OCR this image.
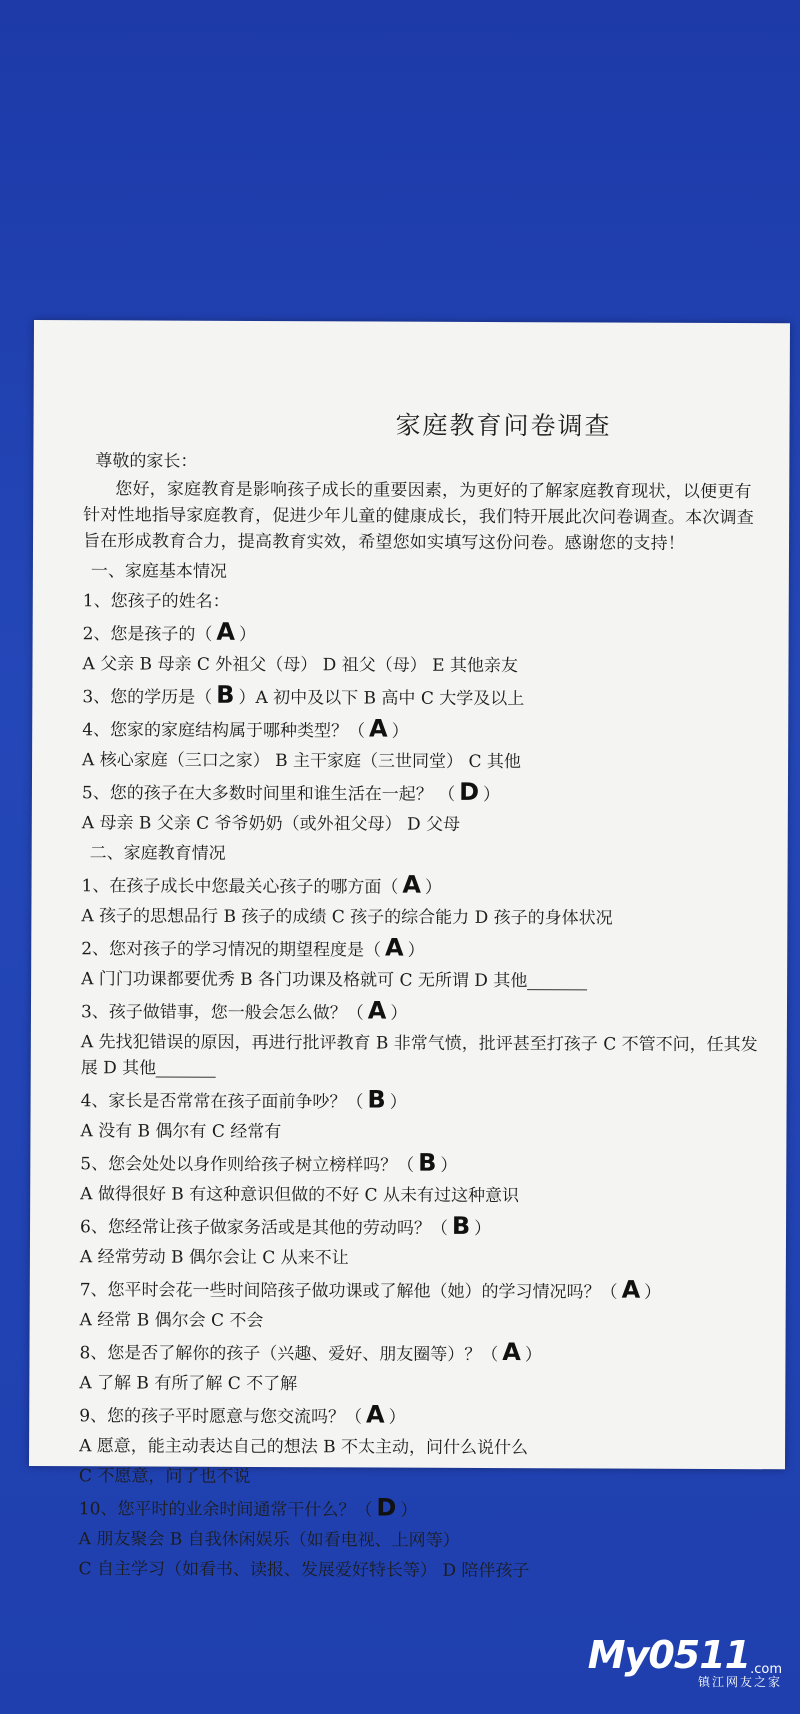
家庭教育问卷调查
尊敬的家长：

您好，家庭教育是影响孩子成长的重要因素，为更好的了解家庭教育现状，以便更有针对性地指导家庭教育，促进少年儿童的健康成长，我们特开展此次问卷调查。本次调查旨在形成教育合力，提高教育实效，希望您如实填写这份问卷。感谢您的支持！

一、家庭基本情况
1、您孩子的姓名：
2、您是孩子的（ A ）
A 父亲 B 母亲 C 外祖父（母） D 祖父（母） E 其他亲友
3、您的学历是（ B ）A 初中及以下 B 高中 C 大学及以上
4、您家的家庭结构属于哪种类型？（ A ）
A 核心家庭（三口之家） B 主干家庭（三世同堂） C 其他
5、您的孩子在大多数时间里和谁生活在一起？ （ D ）
A 母亲 B 父亲 C 爷爷奶奶（或外祖父母） D 父母
二、家庭教育情况
1、在孩子成长中您最关心孩子的哪方面（ A ）
A 孩子的思想品行 B 孩子的成绩 C 孩子的综合能力 D 孩子的身体状况
2、您对孩子的学习情况的期望程度是（ A ）
A 门门功课都要优秀 B 各门功课及格就可 C 无所谓 D 其他
3、孩子做错事，您一般会怎么做？（ A ）
A 先找犯错误的原因，再进行批评教育 B 非常气愤，批评甚至打孩子 C 不管不问，任其发展 D 其他
4、家长是否常常在孩子面前争吵？（ B ）
A 没有 B 偶尔有 C 经常有
5、您会处处以身作则给孩子树立榜样吗？（ B ）
A 做得很好 B 有这种意识但做的不好 C 从未有过这种意识
6、您经常让孩子做家务活或是其他的劳动吗？（ B ）
A 经常劳动 B 偶尔会让 C 从来不让
7、您平时会花一些时间陪孩子做功课或了解他（她）的学习情况吗？（ A ）
A 经常 B 偶尔会 C 不会
8、您是否了解你的孩子（兴趣、爱好、朋友圈等）？（ A ）
A 了解 B 有所了解 C 不了解
9、您的孩子平时愿意与您交流吗？（ A ）
A 愿意，能主动表达自己的想法 B 不太主动，问什么说什么
C 不愿意，问了也不说
10、您平时的业余时间通常干什么？（ D ）
A 朋友聚会 B 自我休闲娱乐（如看电视、上网等）
C 自主学习（如看书、读报、发展爱好特长等） D 陪伴孩子
My0511.com
镇江网友之家
